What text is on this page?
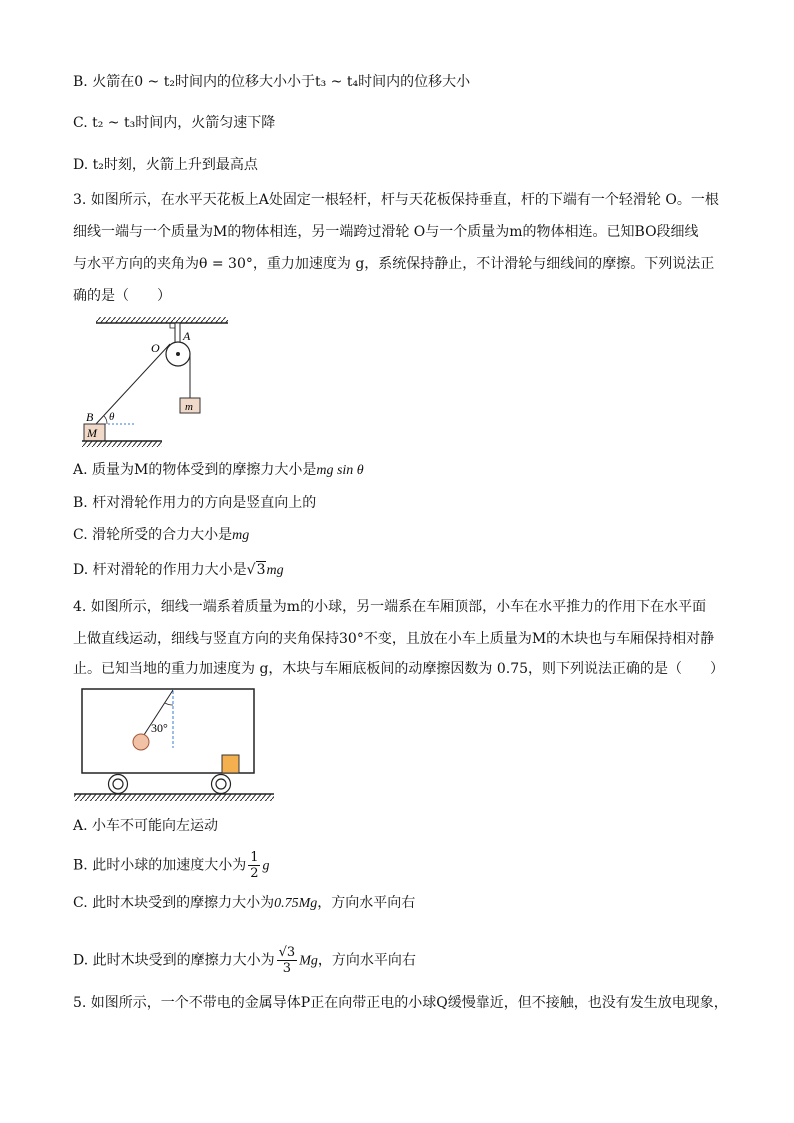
B. 火箭在0 ~ t₂时间内的位移大小小于t₃ ~ t₄时间内的位移大小
C. t₂ ~ t₃时间内，火箭匀速下降
D. t₂时刻，火箭上升到最高点
3. 如图所示，在水平天花板上A处固定一根轻杆，杆与天花板保持垂直，杆的下端有一个轻滑轮 O。一根
细线一端与一个质量为M的物体相连，另一端跨过滑轮 O与一个质量为m的物体相连。已知BO段细线
与水平方向的夹角为θ = 30°，重力加速度为 g，系统保持静止，不计滑轮与细线间的摩擦。下列说法正
确的是（　　）
A
O
m
B θ
M
A. 质量为M的物体受到的摩擦力大小是mg sin θ
B. 杆对滑轮作用力的方向是竖直向上的
C. 滑轮所受的合力大小是mg
D. 杆对滑轮的作用力大小是√3mg
4. 如图所示，细线一端系着质量为m的小球，另一端系在车厢顶部，小车在水平推力的作用下在水平面
上做直线运动，细线与竖直方向的夹角保持30°不变，且放在小车上质量为M的木块也与车厢保持相对静
止。已知当地的重力加速度为 g，木块与车厢底板间的动摩擦因数为 0.75，则下列说法正确的是（　　）
30°
A. 小车不可能向左运动
B. 此时小球的加速度大小为 $\frac{1}{2}$ g
C. 此时木块受到的摩擦力大小为0.75Mg，方向水平向右
D. 此时木块受到的摩擦力大小为 $\frac{√3}{3}$ Mg，方向水平向右
5. 如图所示，一个不带电的金属导体P正在向带正电的小球Q缓慢靠近，但不接触，也没有发生放电现象，
